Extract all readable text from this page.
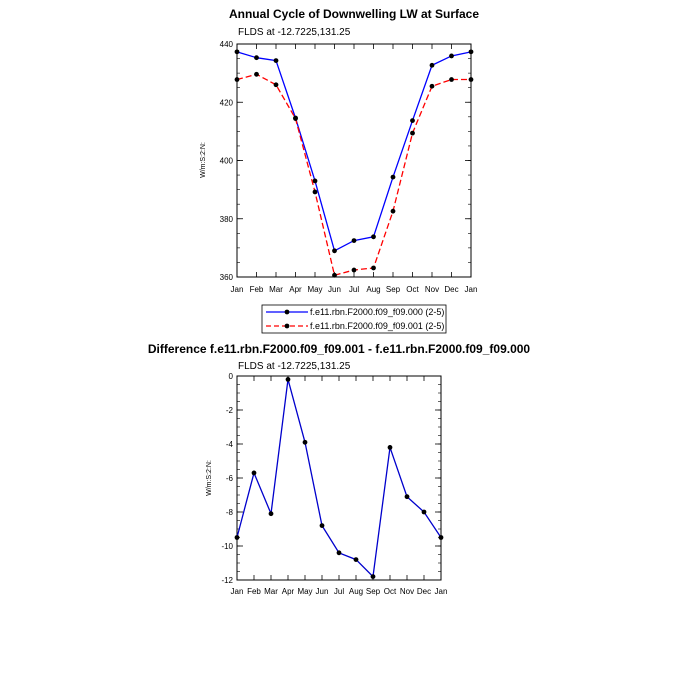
Annual Cycle of Downwelling LW at Surface
FLDS at -12.7225,131.25
W/m:S:2:N:
Jan Feb Mar Apr May Jun Jul Aug Sep Oct Nov Dec Jan
360
380
400
420
440
f.e11.rbn.F2000.f09_f09.000 (2-5)
f.e11.rbn.F2000.f09_f09.001 (2-5)
Difference f.e11.rbn.F2000.f09_f09.001 - f.e11.rbn.F2000.f09_f09.000
FLDS at -12.7225,131.25
W/m:S:2:N:
Jan Feb Mar Apr May Jun Jul Aug Sep Oct Nov Dec Jan
-12
-10
-8
-6
-4
-2
0
